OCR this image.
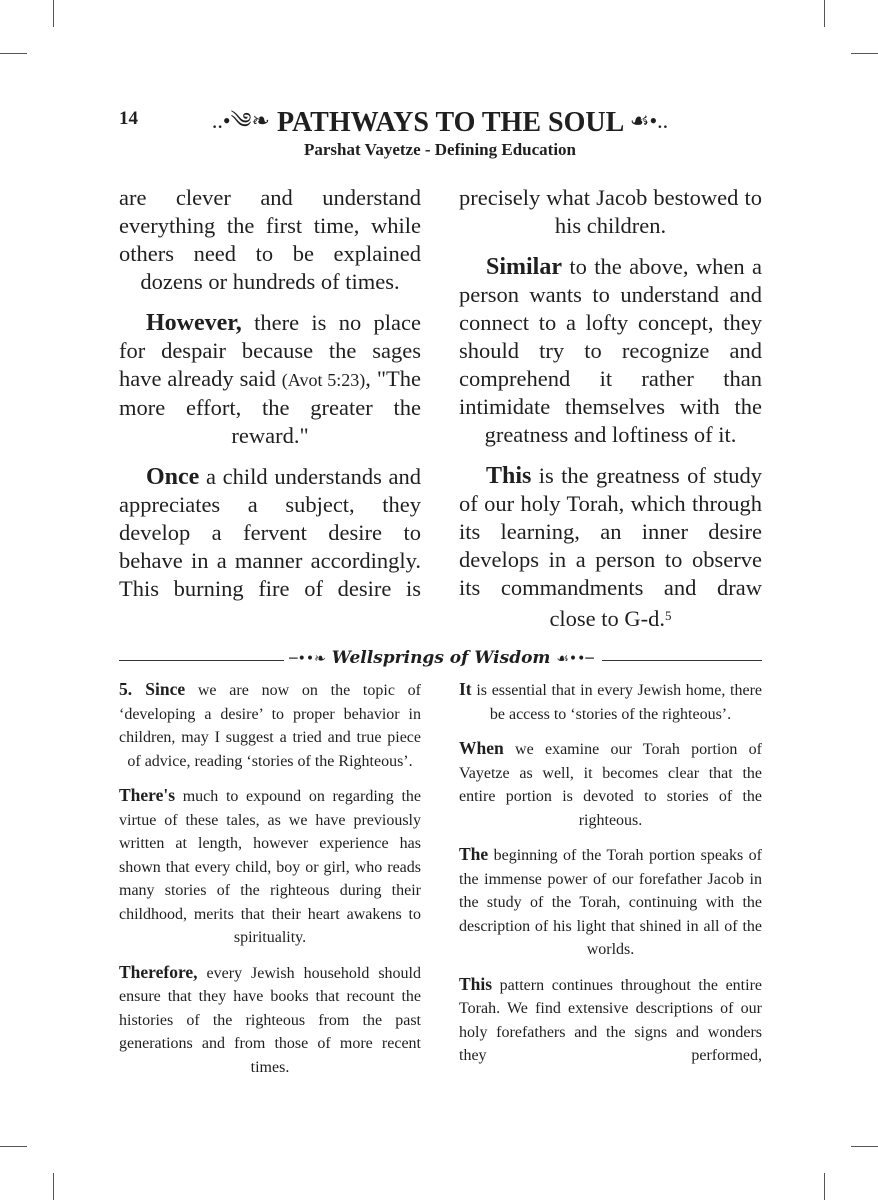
14	..•༄❧ PATHWAYS TO THE SOUL ☙•..
Parshat Vayetze - Defining Education

are clever and understand everything the first time, while others need to be explained dozens or hundreds of times.

However, there is no place for despair because the sages have already said (Avot 5:23), "The more effort, the greater the reward."

Once a child understands and appreciates a subject, they develop a fervent desire to behave in a manner accordingly. This burning fire of desire is

precisely what Jacob bestowed to his children.

Similar to the above, when a person wants to understand and connect to a lofty concept, they should try to recognize and comprehend it rather than intimidate themselves with the greatness and loftiness of it.

This is the greatness of study of our holy Torah, which through its learning, an inner desire develops in a person to observe its commandments and draw close to G-d.$^5$

─••❧ Wellsprings of Wisdom ☙••─

5. Since we are now on the topic of ‘developing a desire’ to proper behavior in children, may I suggest a tried and true piece of advice, reading ‘stories of the Righteous’.

There's much to expound on regarding the virtue of these tales, as we have previously written at length, however experience has shown that every child, boy or girl, who reads many stories of the righteous during their childhood, merits that their heart awakens to spirituality.

Therefore, every Jewish household should ensure that they have books that recount the histories of the righteous from the past generations and from those of more recent times.

It is essential that in every Jewish home, there be access to ‘stories of the righteous’.

When we examine our Torah portion of Vayetze as well, it becomes clear that the entire portion is devoted to stories of the righteous.

The beginning of the Torah portion speaks of the immense power of our forefather Jacob in the study of the Torah, continuing with the description of his light that shined in all of the worlds.

This pattern continues throughout the entire Torah. We find extensive descriptions of our holy forefathers and the signs and wonders they performed,
